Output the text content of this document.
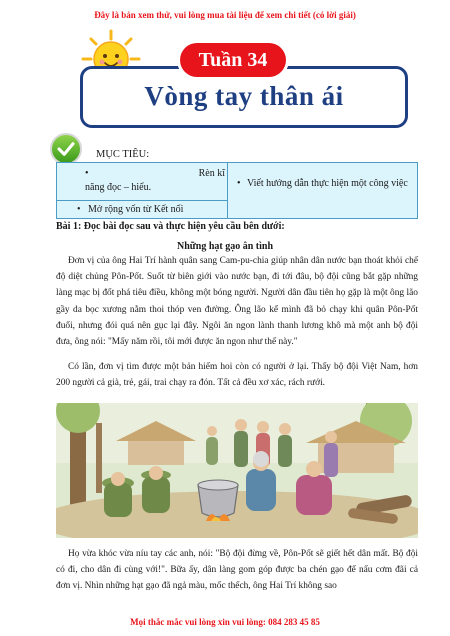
Đây là bản xem thử, vui lòng mua tài liệu để xem chi tiết (có lời giải)
Vòng tay thân ái
Tuần 34
MỤC TIÊU:
•	Rèn kĩ
năng đọc – hiểu.
• Mở rộng vốn từ Kết nối
• Viết hướng dẫn thực hiện một công việc
Bài 1: Đọc bài đọc sau và thực hiện yêu cầu bên dưới:
Những hạt gạo ân tình
Đơn vị của ông Hai Trí hành quân sang Cam-pu-chia giúp nhân dân nước bạn thoát khỏi chế độ diệt chủng Pôn-Pốt. Suốt từ biên giới vào nước bạn, đi tới đâu, bộ đội cũng bắt gặp những làng mạc bị đốt phá tiêu điều, không một bóng người. Người dân đầu tiên họ gặp là một ông lão gầy da bọc xương nằm thoi thóp ven đường. Ông lão kể mình đã bỏ chạy khi quân Pôn-Pốt đuổi, nhưng đói quá nên gục lại đây. Ngôi ăn ngon lành thanh lương khô mà một anh bộ đội đưa, ông nói: "Mấy năm rồi, tôi mới được ăn ngon như thế này."
Có lần, đơn vị tìm được một bản hiếm hoi còn có người ở lại. Thấy bộ đội Việt Nam, hơn 200 người cả già, trẻ, gái, trai chạy ra đón. Tất cả đều xơ xác, rách rưới.
Họ vừa khóc vừa níu tay các anh, nói: "Bộ đội đừng về, Pôn-Pốt sẽ giết hết dân mất. Bộ đội có đi, cho dân đi cùng với!". Bữa ấy, dân làng gom góp được ba chén gạo để nấu cơm đãi cả đơn vị. Nhìn những hạt gạo đã ngả màu, mốc thếch, ông Hai Trí không sao
Mọi thắc mắc vui lòng xin vui lòng: 084 283 45 85
